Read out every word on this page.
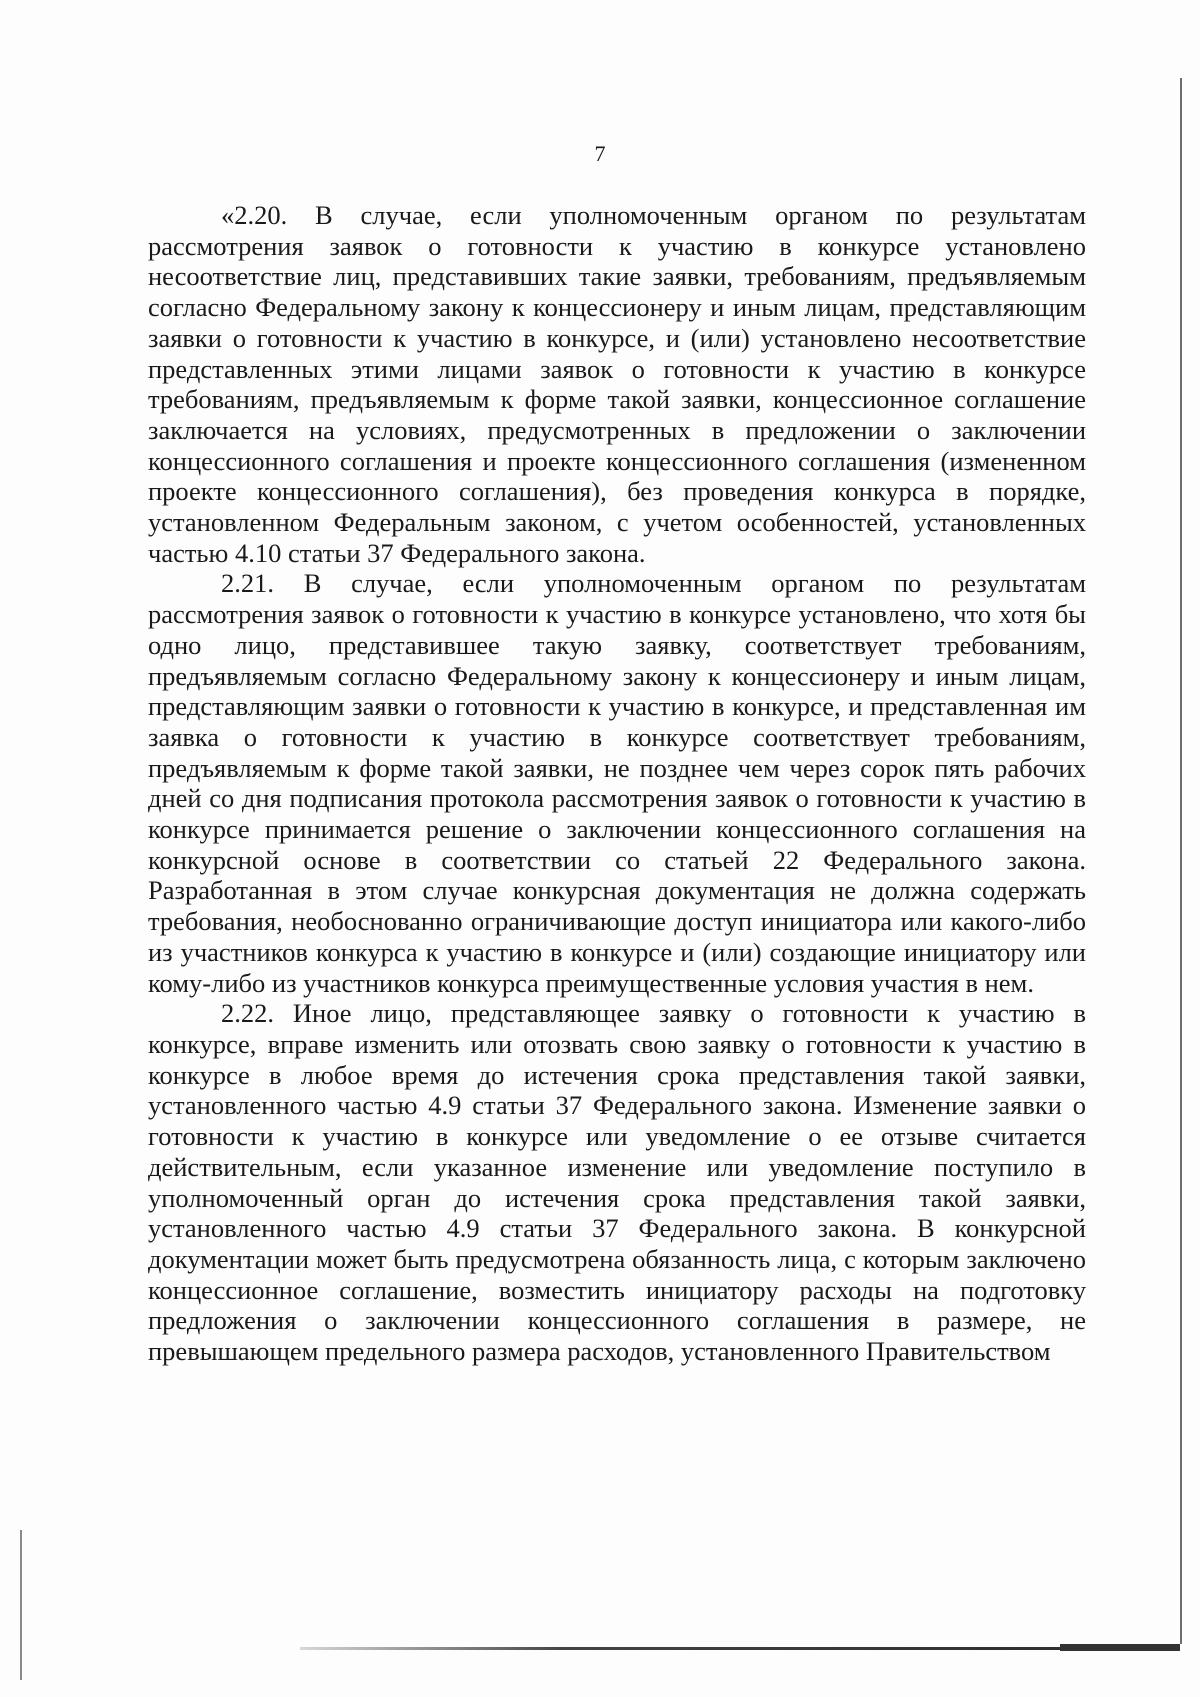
7

«2.20. В случае, если уполномоченным органом по результатам рассмотрения заявок о готовности к участию в конкурсе установлено несоответствие лиц, представивших такие заявки, требованиям, предъявляемым согласно Федеральному закону к концессионеру и иным лицам, представляющим заявки о готовности к участию в конкурсе, и (или) установлено несоответствие представленных этими лицами заявок о готовности к участию в конкурсе требованиям, предъявляемым к форме такой заявки, концессионное соглашение заключается на условиях, предусмотренных в предложении о заключении концессионного соглашения и проекте концессионного соглашения (измененном проекте концессионного соглашения), без проведения конкурса в порядке, установленном Федеральным законом, с учетом особенностей, установленных частью 4.10 статьи 37 Федерального закона.

2.21. В случае, если уполномоченным органом по результатам рассмотрения заявок о готовности к участию в конкурсе установлено, что хотя бы одно лицо, представившее такую заявку, соответствует требованиям, предъявляемым согласно Федеральному закону к концессионеру и иным лицам, представляющим заявки о готовности к участию в конкурсе, и представленная им заявка о готовности к участию в конкурсе соответствует требованиям, предъявляемым к форме такой заявки, не позднее чем через сорок пять рабочих дней со дня подписания протокола рассмотрения заявок о готовности к участию в конкурсе принимается решение о заключении концессионного соглашения на конкурсной основе в соответствии со статьей 22 Федерального закона. Разработанная в этом случае конкурсная документация не должна содержать требования, необоснованно ограничивающие доступ инициатора или какого-либо из участников конкурса к участию в конкурсе и (или) создающие инициатору или кому-либо из участников конкурса преимущественные условия участия в нем.

2.22. Иное лицо, представляющее заявку о готовности к участию в конкурсе, вправе изменить или отозвать свою заявку о готовности к участию в конкурсе в любое время до истечения срока представления такой заявки, установленного частью 4.9 статьи 37 Федерального закона. Изменение заявки о готовности к участию в конкурсе или уведомление о ее отзыве считается действительным, если указанное изменение или уведомление поступило в уполномоченный орган до истечения срока представления такой заявки, установленного частью 4.9 статьи 37 Федерального закона. В конкурсной документации может быть предусмотрена обязанность лица, с которым заключено концессионное соглашение, возместить инициатору расходы на подготовку предложения о заключении концессионного соглашения в размере, не превышающем предельного размера расходов, установленного Правительством
